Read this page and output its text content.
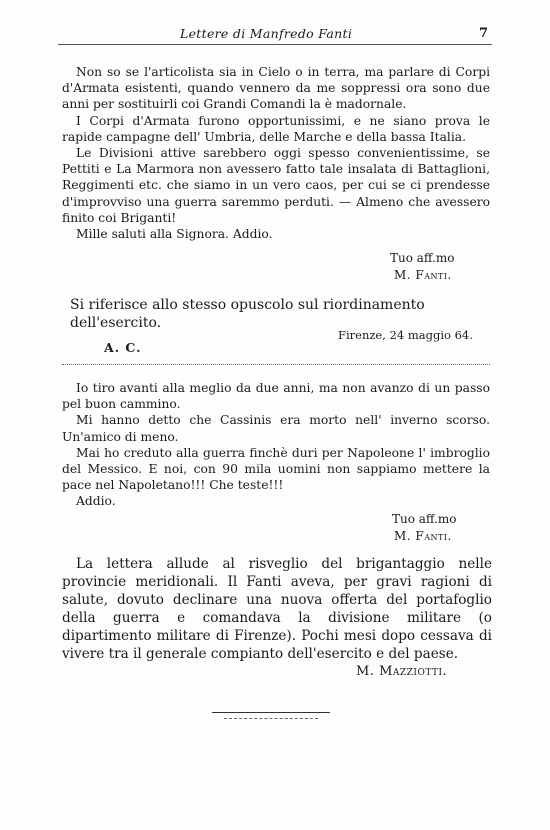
Lettere di Manfredo Fanti	7

Non so se l'articolista sia in Cielo o in terra, ma parlare di Corpi d'Armata esistenti, quando vennero da me soppressi ora sono due anni per sostituirli coi Grandi Comandi la è madornale.

I Corpi d'Armata furono opportunissimi, e ne siano prova le rapide campagne dell' Umbria, delle Marche e della bassa Italia.

Le Divisioni attive sarebbero oggi spesso convenientissime, se Pettiti e La Marmora non avessero fatto tale insalata di Battaglioni, Reggimenti etc. che siamo in un vero caos, per cui se ci prendesse d'improvviso una guerra saremmo perduti. — Almeno che avessero finito coi Briganti!

Mille saluti alla Signora. Addio.

Tuo aff.mo
M. Fanti.
Si riferisce allo stesso opuscolo sul riordinamento dell'esercito.
Firenze, 24 maggio 64.
A. C.

Io tiro avanti alla meglio da due anni, ma non avanzo di un passo pel buon cammino.

Mi hanno detto che Cassinis era morto nell' inverno scorso. Un'amico di meno.

Mai ho creduto alla guerra finchè duri per Napoleone l' imbroglio del Messico. E noi, con 90 mila uomini non sappiamo mettere la pace nel Napoletano!!! Che teste!!!

Addio.

Tuo aff.mo
M. Fanti.

La lettera allude al risveglio del brigantaggio nelle provincie meridionali. Il Fanti aveva, per gravi ragioni di salute, dovuto declinare una nuova offerta del portafoglio della guerra e comandava la divisione militare (o dipartimento militare di Firenze). Pochi mesi dopo cessava di vivere tra il generale compianto dell'esercito e del paese.

M. Mazziotti.
